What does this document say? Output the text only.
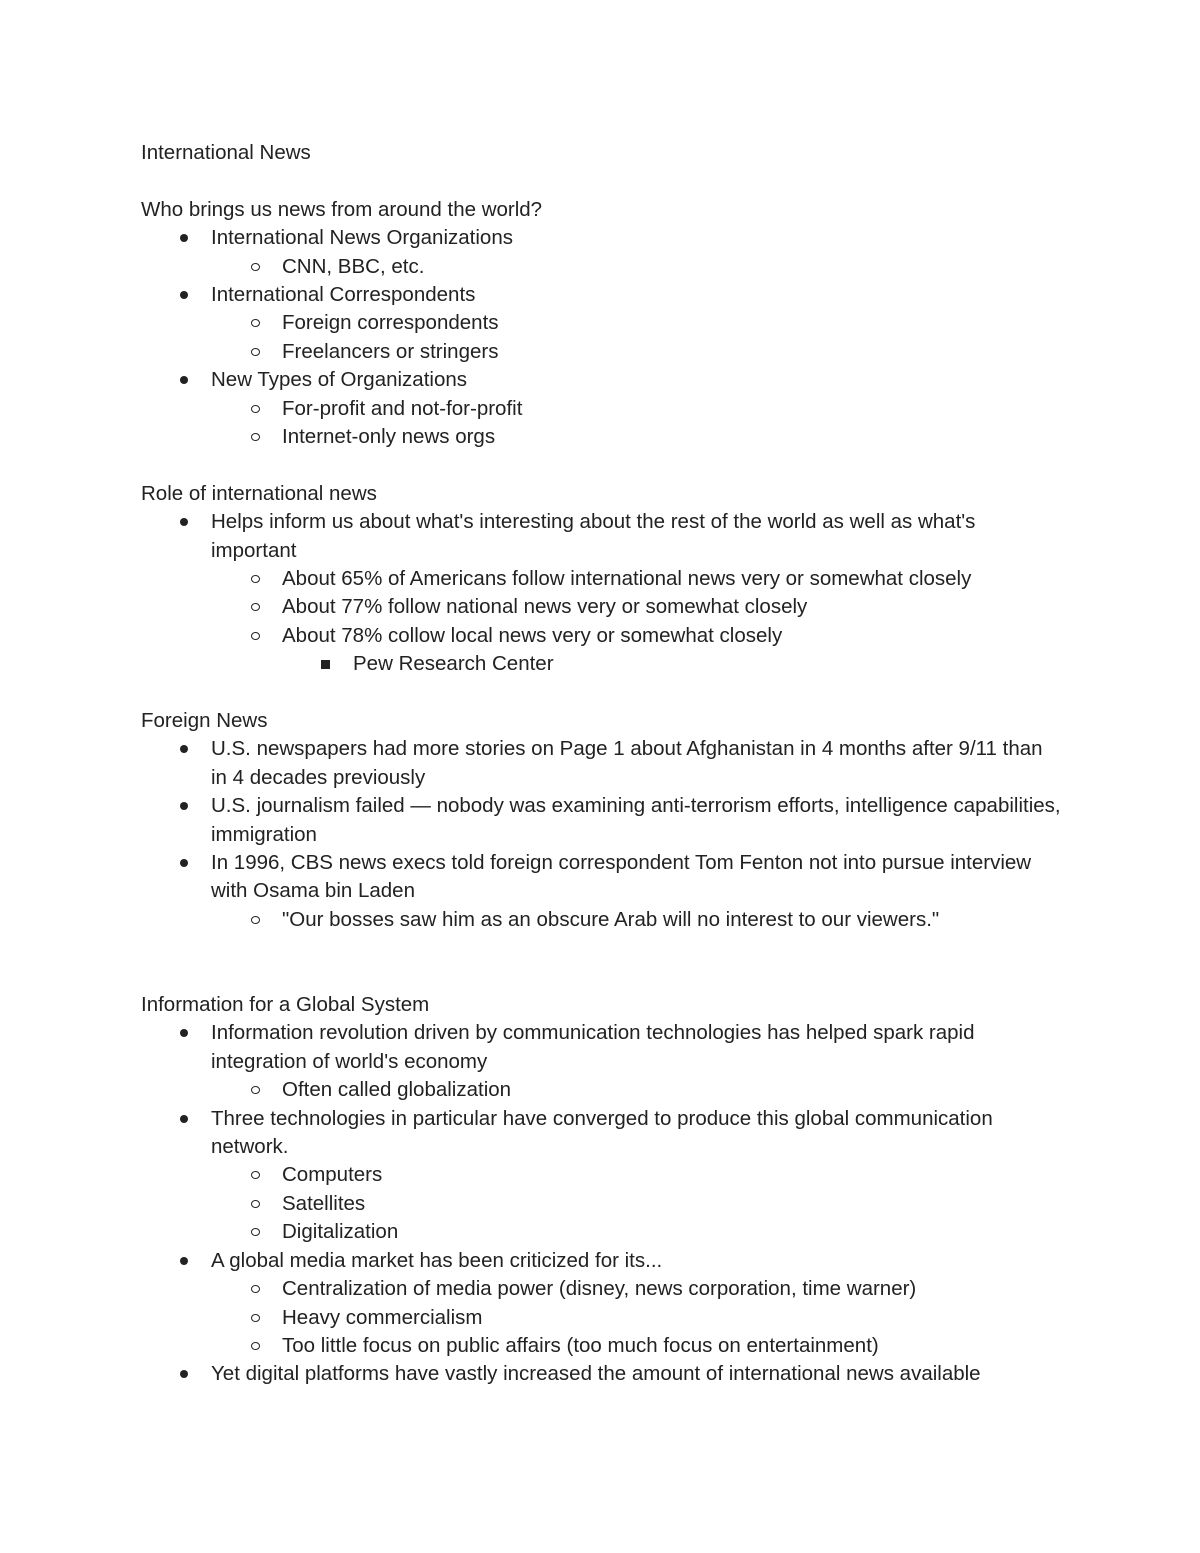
International News
Who brings us news from around the world?
International News Organizations
CNN, BBC, etc.
International Correspondents
Foreign correspondents
Freelancers or stringers
New Types of Organizations
For-profit and not-for-profit
Internet-only news orgs
Role of international news
Helps inform us about what's interesting about the rest of the world as well as what's important
About 65% of Americans follow international news very or somewhat closely
About 77% follow national news very or somewhat closely
About 78% collow local news very or somewhat closely
Pew Research Center
Foreign News
U.S. newspapers had more stories on Page 1 about Afghanistan in 4 months after 9/11 than in 4 decades previously
U.S. journalism failed — nobody was examining anti-terrorism efforts, intelligence capabilities, immigration
In 1996, CBS news execs told foreign correspondent Tom Fenton not into pursue interview with Osama bin Laden
"Our bosses saw him as an obscure Arab will no interest to our viewers."
Information for a Global System
Information revolution driven by communication technologies has helped spark rapid integration of world's economy
Often called globalization
Three technologies in particular have converged to produce this global communication network.
Computers
Satellites
Digitalization
A global media market has been criticized for its...
Centralization of media power (disney, news corporation, time warner)
Heavy commercialism
Too little focus on public affairs (too much focus on entertainment)
Yet digital platforms have vastly increased the amount of international news available
